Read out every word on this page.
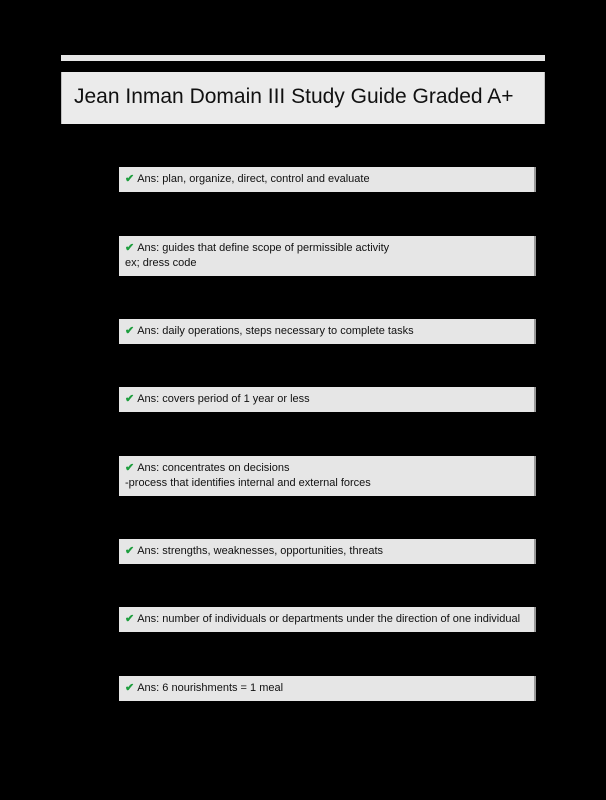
Jean Inman Domain III Study Guide Graded A+
✔ Ans: plan, organize, direct, control and evaluate
✔ Ans: guides that define scope of permissible activity
ex; dress code
✔ Ans: daily operations, steps necessary to complete tasks
✔ Ans: covers period of 1 year or less
✔ Ans: concentrates on decisions
-process that identifies internal and external forces
✔ Ans: strengths, weaknesses, opportunities, threats
✔ Ans: number of individuals or departments under the direction of one individual
✔ Ans: 6 nourishments = 1 meal
